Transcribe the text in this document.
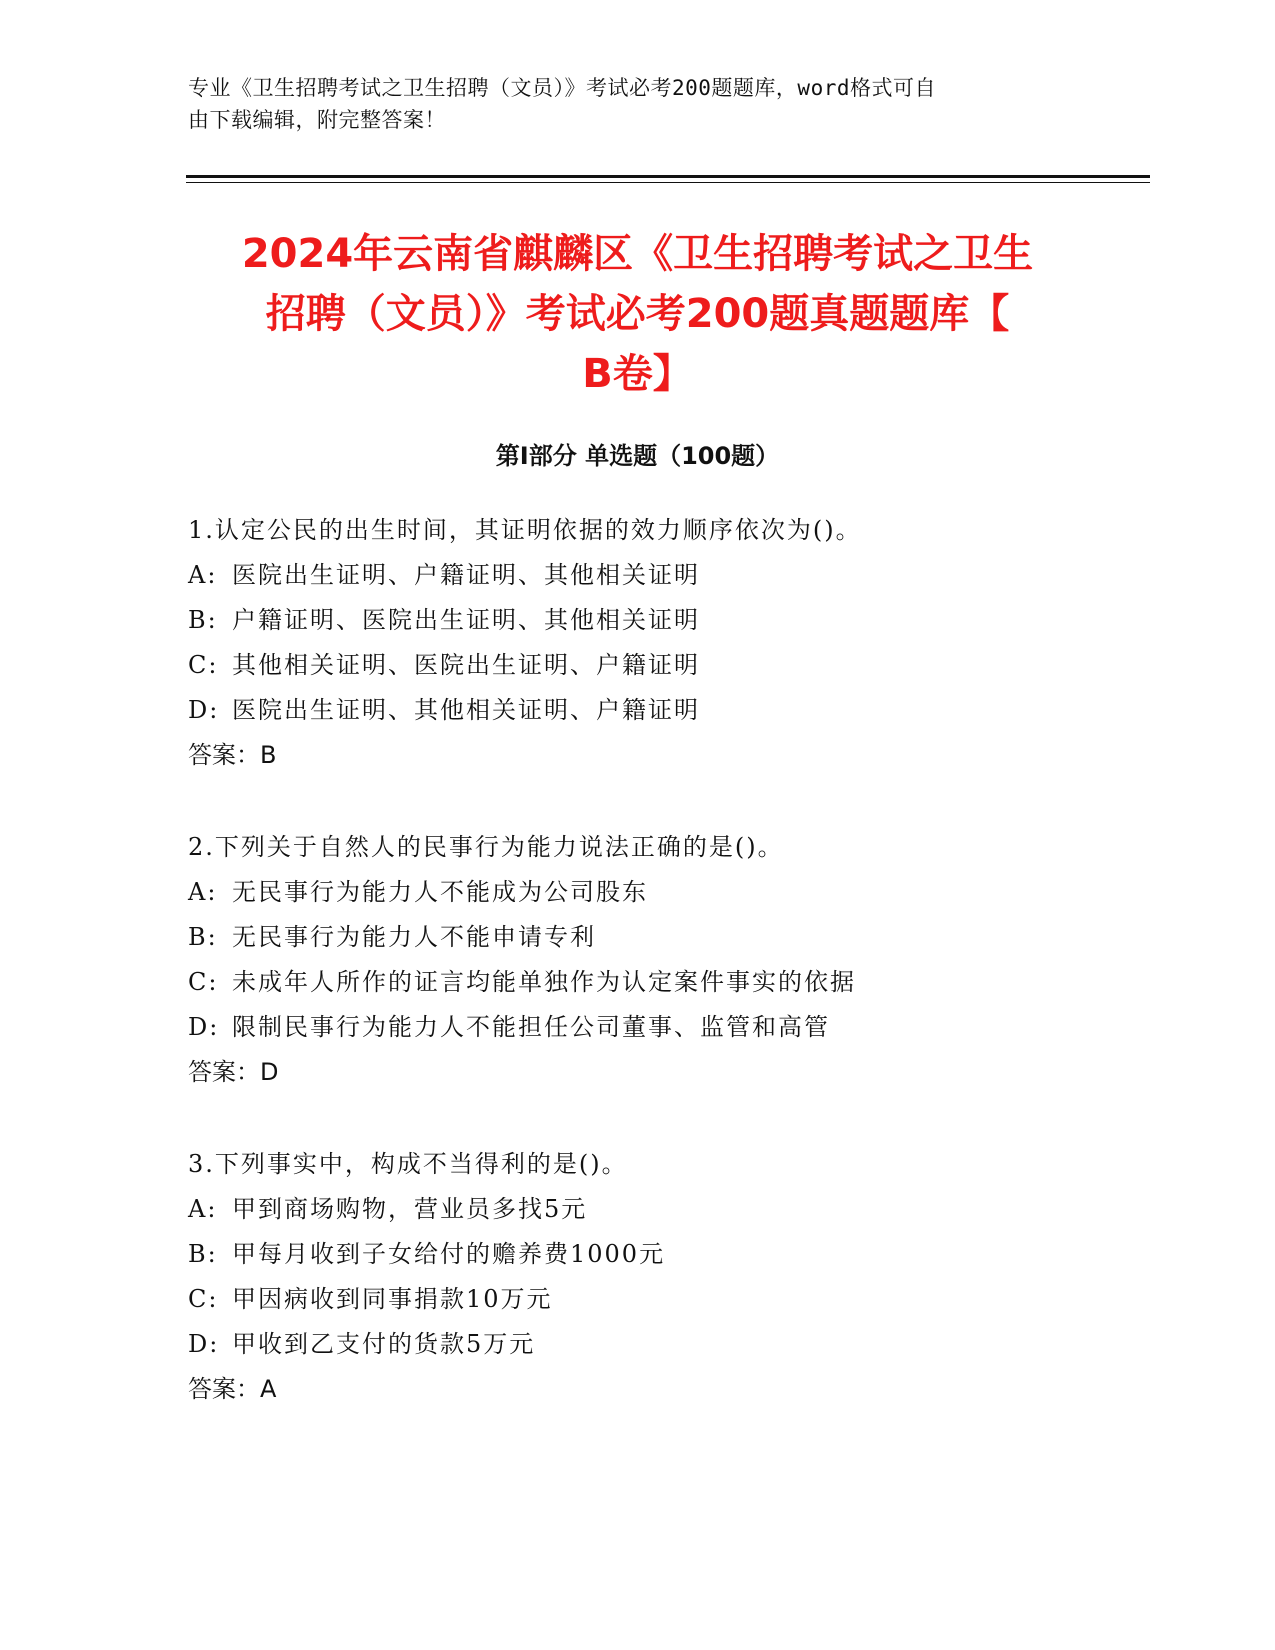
专业《卫生招聘考试之卫生招聘（文员）》考试必考200题题库，word格式可自

由下载编辑，附完整答案！

2024年云南省麒麟区《卫生招聘考试之卫生
招聘（文员）》考试必考200题真题题库【
B卷】
第I部分 单选题（100题）
1.认定公民的出生时间，其证明依据的效力顺序依次为()。
A: 医院出生证明、户籍证明、其他相关证明
B: 户籍证明、医院出生证明、其他相关证明
C: 其他相关证明、医院出生证明、户籍证明
D: 医院出生证明、其他相关证明、户籍证明
答案：B
2.下列关于自然人的民事行为能力说法正确的是()。
A: 无民事行为能力人不能成为公司股东
B: 无民事行为能力人不能申请专利
C: 未成年人所作的证言均能单独作为认定案件事实的依据
D: 限制民事行为能力人不能担任公司董事、监管和高管
答案：D
3.下列事实中，构成不当得利的是()。
A: 甲到商场购物，营业员多找5元
B: 甲每月收到子女给付的赡养费1000元
C: 甲因病收到同事捐款10万元
D: 甲收到乙支付的货款5万元
答案：A
